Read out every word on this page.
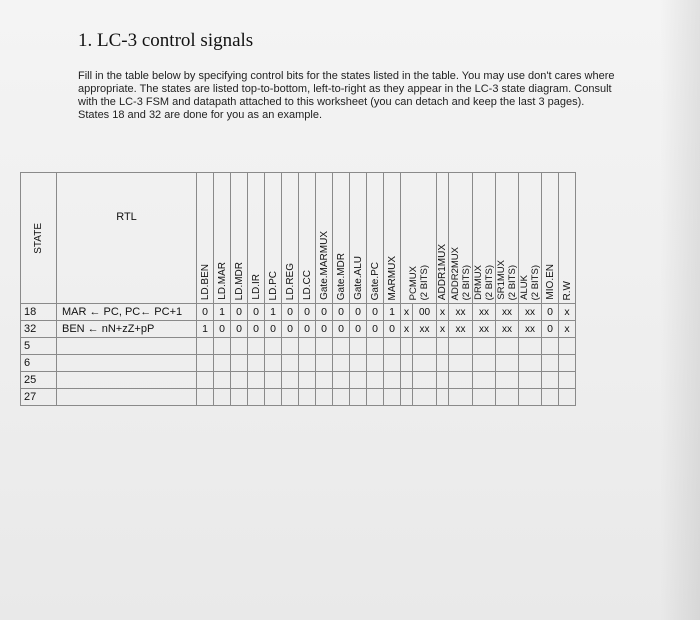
1. LC-3 control signals
Fill in the table below by specifying control bits for the states listed in the table. You may use don't cares where appropriate. The states are listed top-to-bottom, left-to-right as they appear in the LC-3 state diagram. Consult with the LC-3 FSM and datapath attached to this worksheet (you can detach and keep the last 3 pages). States 18 and 32 are done for you as an example.
STATE	RTL	LD.BEN	LD.MAR	LD.MDR	LD.IR	LD.PC	LD.REG	LD.CC	Gate.MARMUX	Gate.MDR	Gate.ALU	Gate.PC	MARMUX	PCMUX(2 BITS)		ADDR1MUX	ADDR2MUX(2 BITS)	DRMUX(2 BITS)	SR1MUX(2 BITS)	ALUK(2 BITS)	MIO.EN	R.W
18	MAR ← PC, PC← PC+1	0	1	0	0	1	0	0	0	0	0	0	1	x	00	x	xx	xx	xx	xx	0	x
32	BEN ← nN+zZ+pP	1	0	0	0	0	0	0	0	0	0	0	0	x	xx	x	xx	xx	xx	xx	0	x
5																						
6																						
25																						
27																						
